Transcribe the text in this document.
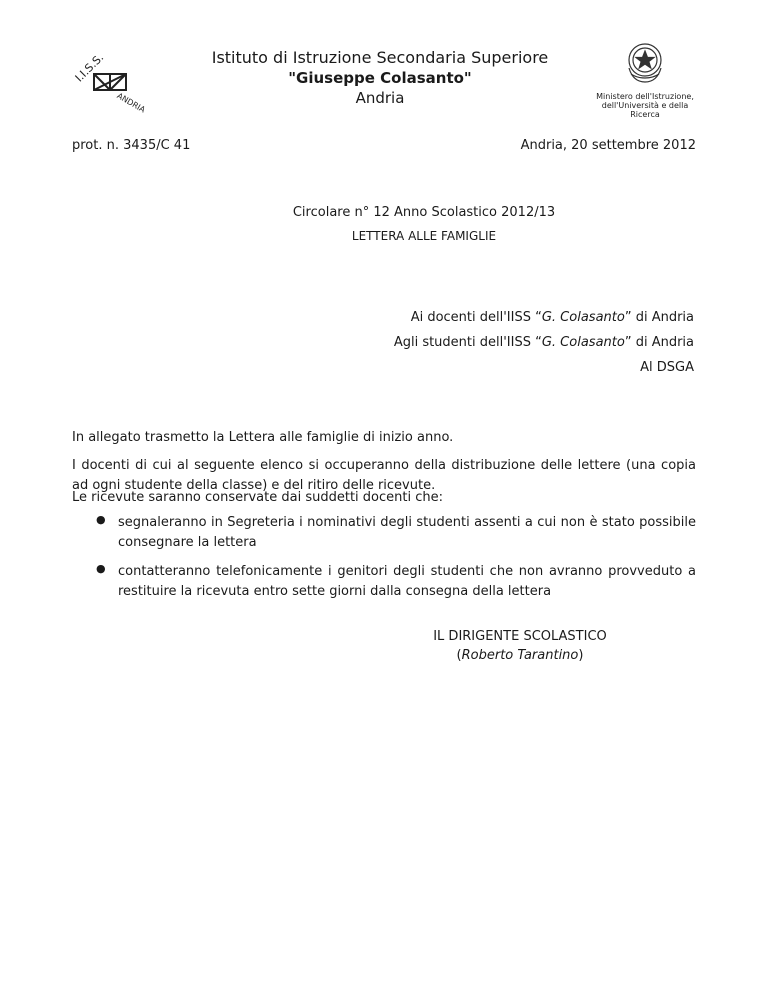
I.I.S.S.
ANDRIA
Istituto di Istruzione Secondaria Superiore
"Giuseppe Colasanto"
Andria	Ministero dell'Istruzione,
dell'Università e della Ricerca
prot. n. 3435/C 41	Andria, 20 settembre 2012
Circolare n° 12 Anno Scolastico 2012/13
LETTERA ALLE FAMIGLIE
Ai docenti dell'IISS “G. Colasanto” di Andria
Agli studenti dell'IISS “G. Colasanto” di Andria
Al DSGA
In allegato trasmetto la Lettera alle famiglie di inizio anno.
I docenti di cui al seguente elenco si occuperanno della distribuzione delle lettere (una copia ad ogni studente della classe) e del ritiro delle ricevute.
Le ricevute saranno conservate dai suddetti docenti che:
● segnaleranno in Segreteria i nominativi degli studenti assenti a cui non è stato possibile consegnare la lettera
● contatteranno telefonicamente i genitori degli studenti che non avranno provveduto a restituire la ricevuta entro sette giorni dalla consegna della lettera
IL DIRIGENTE SCOLASTICO
(Roberto Tarantino)
